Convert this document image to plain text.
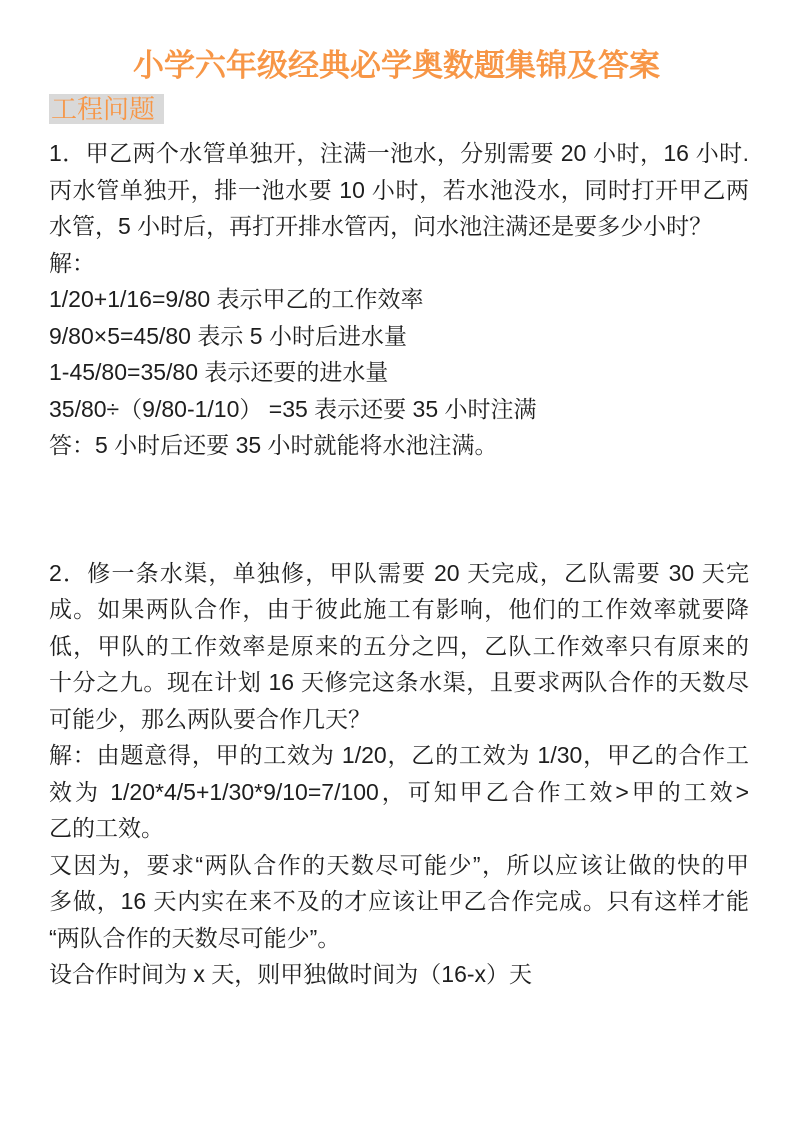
小学六年级经典必学奥数题集锦及答案
工程问题
1．甲乙两个水管单独开，注满一池水，分别需要 20 小时，16 小时.
丙水管单独开，排一池水要 10 小时，若水池没水，同时打开甲乙两
水管，5 小时后，再打开排水管丙，问水池注满还是要多少小时？
解：
1/20+1/16=9/80 表示甲乙的工作效率
9/80×5=45/80 表示 5 小时后进水量
1-45/80=35/80 表示还要的进水量
35/80÷（9/80-1/10） =35 表示还要 35 小时注满
答：5 小时后还要 35 小时就能将水池注满。
2．修一条水渠，单独修，甲队需要 20 天完成，乙队需要 30 天完
成。如果两队合作，由于彼此施工有影响，他们的工作效率就要降
低，甲队的工作效率是原来的五分之四，乙队工作效率只有原来的
十分之九。现在计划 16 天修完这条水渠，且要求两队合作的天数尽
可能少，那么两队要合作几天？
解：由题意得，甲的工效为 1/20，乙的工效为 1/30，甲乙的合作工
效为 1/20*4/5+1/30*9/10=7/100，可知甲乙合作工效>甲的工效>
乙的工效。
又因为，要求“两队合作的天数尽可能少”，所以应该让做的快的甲
多做，16 天内实在来不及的才应该让甲乙合作完成。只有这样才能
“两队合作的天数尽可能少”。
设合作时间为 x 天，则甲独做时间为（16-x）天
